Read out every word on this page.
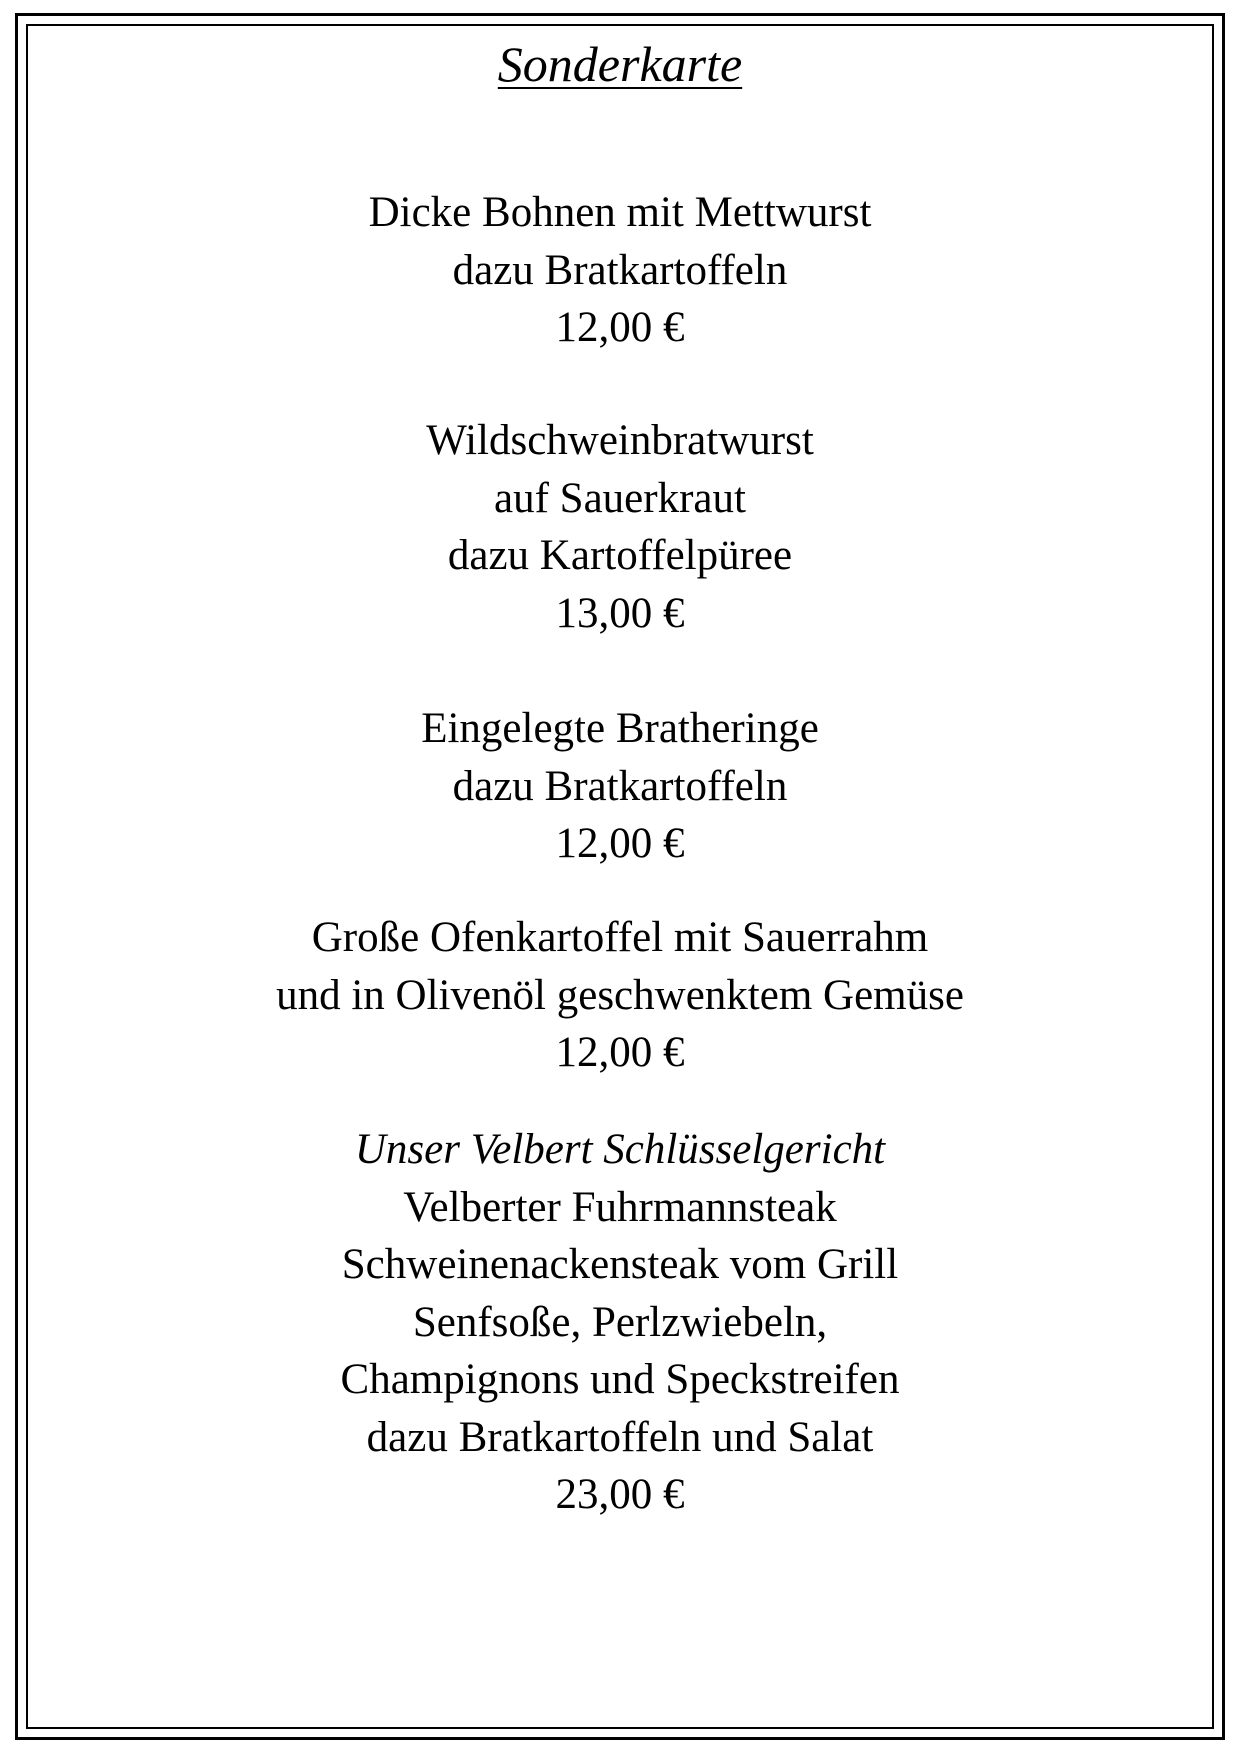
Sonderkarte
Dicke Bohnen mit Mettwurst
dazu Bratkartoffeln
12,00 €
Wildschweinbratwurst
auf Sauerkraut
dazu Kartoffelpüree
13,00 €
Eingelegte Bratheringe
dazu Bratkartoffeln
12,00 €
Große Ofenkartoffel mit Sauerrahm
und in Olivenöl geschwenktem Gemüse
12,00 €
Unser Velbert Schlüsselgericht
Velberter Fuhrmannsteak
Schweinenackensteak vom Grill
Senfsoße, Perlzwiebeln,
Champignons und Speckstreifen
dazu Bratkartoffeln und Salat
23,00 €
